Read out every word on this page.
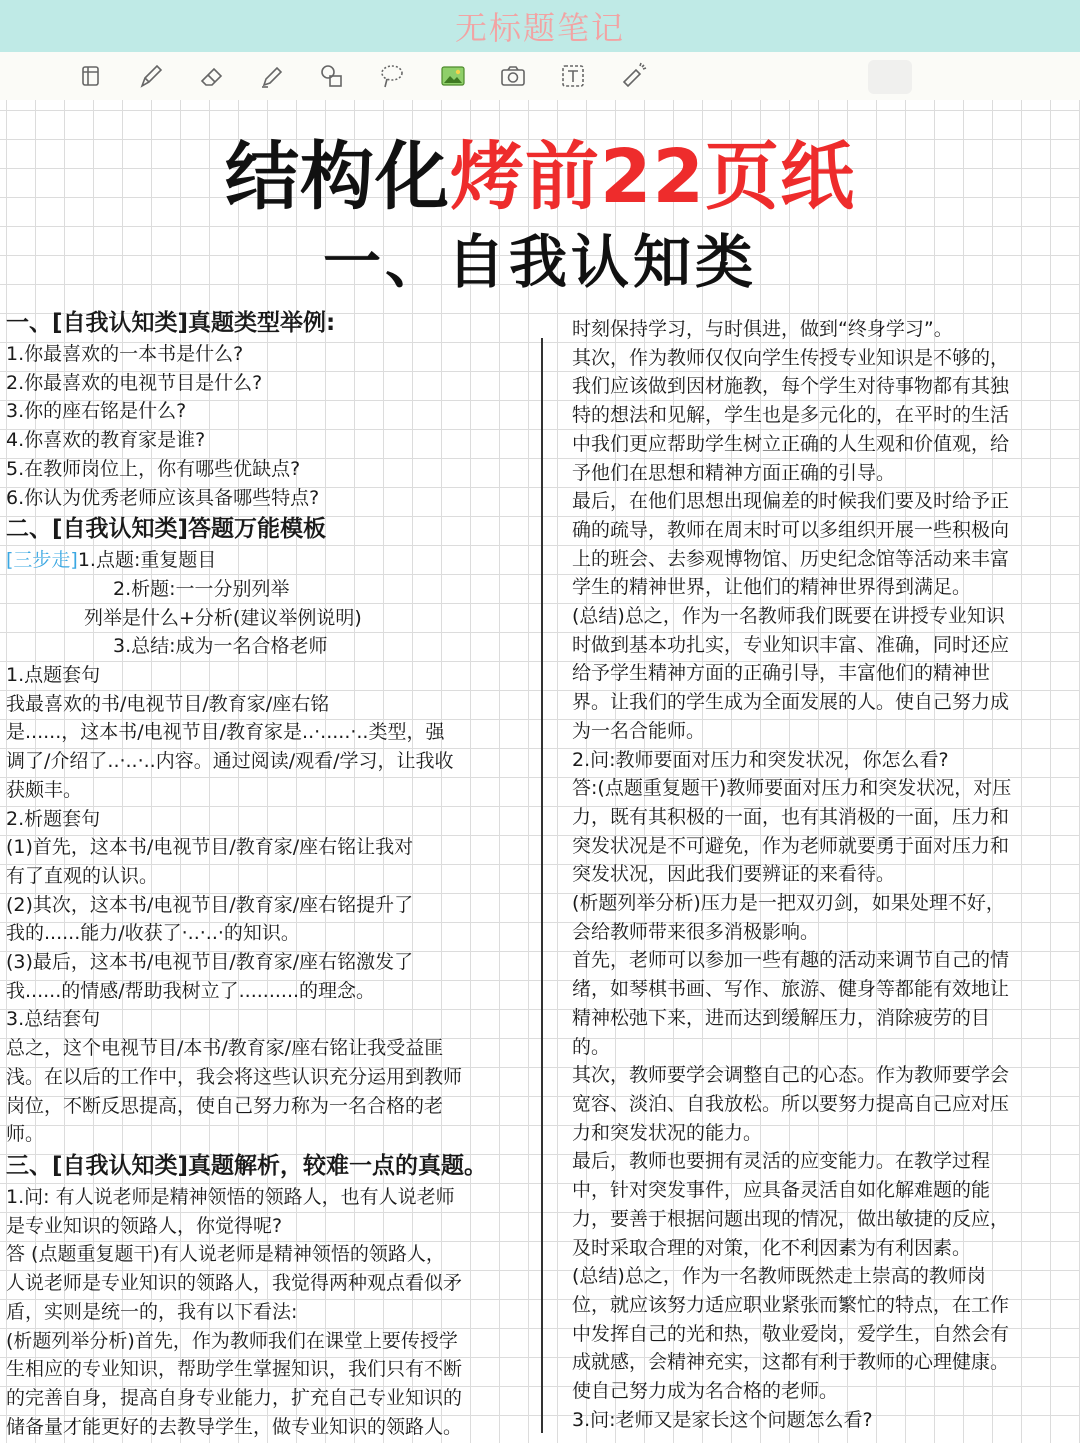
无标题笔记
结构化烤前22页纸
一、自我认知类
一、[自我认知类]真题类型举例:
1.你最喜欢的一本书是什么?
2.你最喜欢的电视节目是什么?
3.你的座右铭是什么?
4.你喜欢的教育家是谁?
5.在教师岗位上，你有哪些优缺点?
6.你认为优秀老师应该具备哪些特点?
二、[自我认知类]答题万能模板
[三步走]1.点题:重复题目
2.析题:一一分别列举
列举是什么+分析(建议举例说明)
3.总结:成为一名合格老师
1.点题套句
我最喜欢的书/电视节目/教育家/座右铭
是......，这本书/电视节目/教育家是..·.....·..类型，强
调了/介绍了..·..·..内容。通过阅读/观看/学习，让我收
获颇丰。
2.析题套句
(1)首先，这本书/电视节目/教育家/座右铭让我对
有了直观的认识。
(2)其次，这本书/电视节目/教育家/座右铭提升了
我的......能力/收获了·..·..·的知识。
(3)最后，这本书/电视节目/教育家/座右铭激发了
我......的情感/帮助我树立了..........的理念。
3.总结套句
总之，这个电视节目/本书/教育家/座右铭让我受益匪
浅。在以后的工作中，我会将这些认识充分运用到教师
岗位，不断反思提高，使自己努力称为一名合格的老
师。
三、[自我认知类]真题解析，较难一点的真题。
1.问: 有人说老师是精神领悟的领路人，也有人说老师
是专业知识的领路人，你觉得呢?
答 (点题重复题干)有人说老师是精神领悟的领路人，
人说老师是专业知识的领路人，我觉得两种观点看似矛
盾，实则是统一的，我有以下看法:
(析题列举分析)首先，作为教师我们在课堂上要传授学
生相应的专业知识，帮助学生掌握知识，我们只有不断
的完善自身，提高自身专业能力，扩充自己专业知识的
储备量才能更好的去教导学生，做专业知识的领路人。
时刻保持学习，与时俱进，做到“终身学习”。
其次，作为教师仅仅向学生传授专业知识是不够的，
我们应该做到因材施教，每个学生对待事物都有其独
特的想法和见解，学生也是多元化的，在平时的生活
中我们更应帮助学生树立正确的人生观和价值观，给
予他们在思想和精神方面正确的引导。
最后，在他们思想出现偏差的时候我们要及时给予正
确的疏导，教师在周末时可以多组织开展一些积极向
上的班会、去参观博物馆、历史纪念馆等活动来丰富
学生的精神世界，让他们的精神世界得到满足。
(总结)总之，作为一名教师我们既要在讲授专业知识
时做到基本功扎实，专业知识丰富、准确，同时还应
给予学生精神方面的正确引导，丰富他们的精神世
界。让我们的学生成为全面发展的人。使自己努力成
为一名合能师。
2.问:教师要面对压力和突发状况，你怎么看?
答:(点题重复题干)教师要面对压力和突发状况，对压
力，既有其积极的一面，也有其消极的一面，压力和
突发状况是不可避免，作为老师就要勇于面对压力和
突发状况，因此我们要辨证的来看待。
(析题列举分析)压力是一把双刃剑，如果处理不好，
会给教师带来很多消极影响。
首先，老师可以参加一些有趣的活动来调节自己的情
绪，如琴棋书画、写作、旅游、健身等都能有效地让
精神松弛下来，进而达到缓解压力，消除疲劳的目
的。
其次，教师要学会调整自己的心态。作为教师要学会
宽容、淡泊、自我放松。所以要努力提高自己应对压
力和突发状况的能力。
最后，教师也要拥有灵活的应变能力。在教学过程
中，针对突发事件，应具备灵活自如化解难题的能
力，要善于根据问题出现的情况，做出敏捷的反应，
及时采取合理的对策，化不利因素为有利因素。
(总结)总之，作为一名教师既然走上崇高的教师岗
位，就应该努力适应职业紧张而繁忙的特点，在工作
中发挥自己的光和热，敬业爱岗，爱学生，自然会有
成就感，会精神充实，这都有利于教师的心理健康。
使自己努力成为名合格的老师。
3.问:老师又是家长这个问题怎么看?
